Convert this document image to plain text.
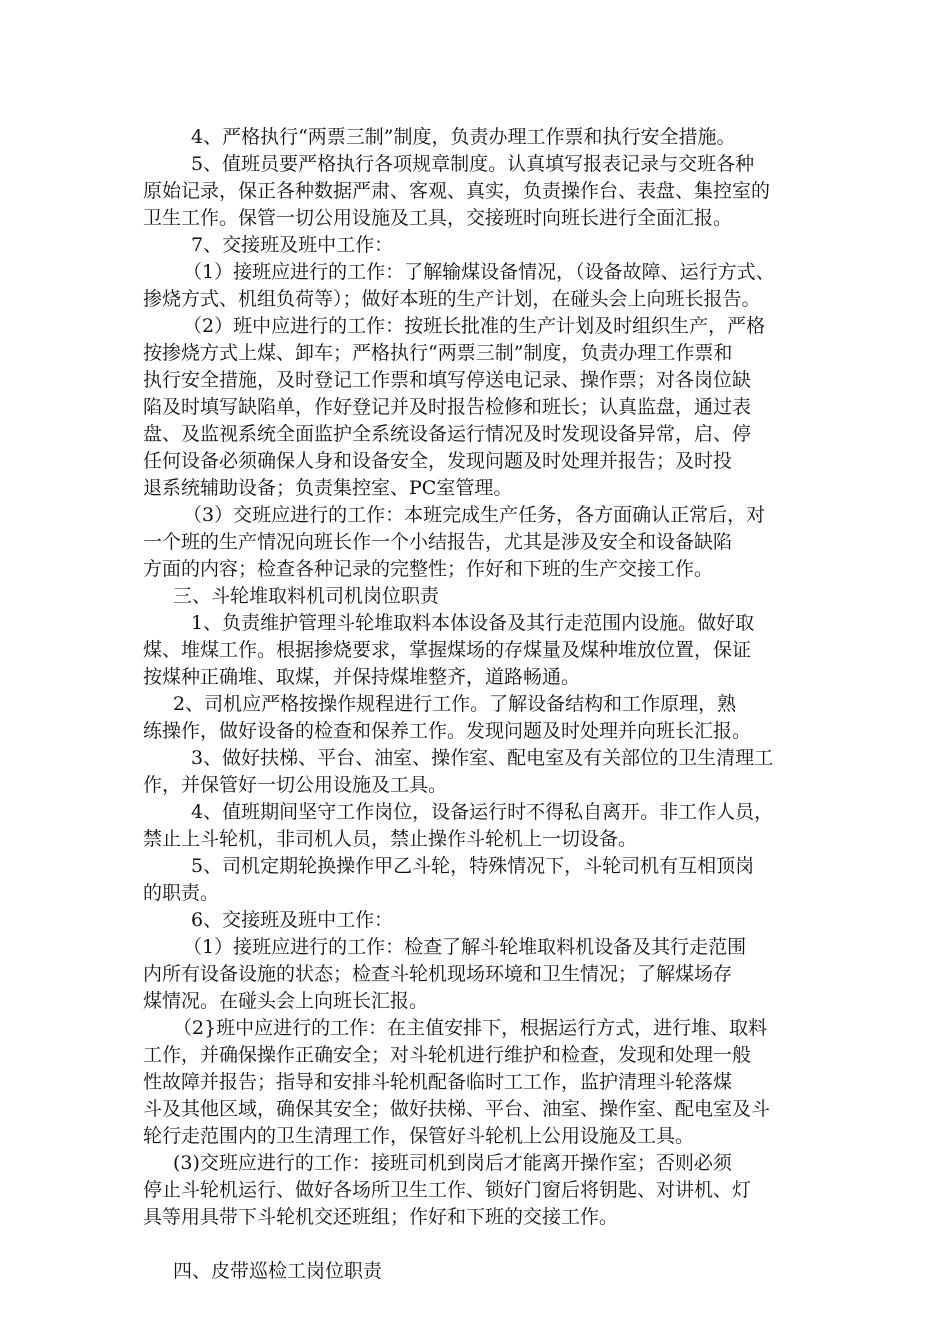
4、严格执行“两票三制”制度，负责办理工作票和执行安全措施。
5、值班员要严格执行各项规章制度。认真填写报表记录与交班各种
原始记录，保正各种数据严肃、客观、真实，负责操作台、表盘、集控室的
卫生工作。保管一切公用设施及工具，交接班时向班长进行全面汇报。
7、交接班及班中工作：
（1）接班应进行的工作：了解输煤设备情况，（设备故障、运行方式、
掺烧方式、机组负荷等）；做好本班的生产计划，在碰头会上向班长报告。
（2）班中应进行的工作：按班长批准的生产计划及时组织生产，严格
按掺烧方式上煤、卸车；严格执行“两票三制”制度，负责办理工作票和
执行安全措施，及时登记工作票和填写停送电记录、操作票；对各岗位缺
陷及时填写缺陷单，作好登记并及时报告检修和班长；认真监盘，通过表
盘、及监视系统全面监护全系统设备运行情况及时发现设备异常，启、停
任何设备必须确保人身和设备安全，发现问题及时处理并报告；及时投
退系统辅助设备；负责集控室、PC室管理。
（3）交班应进行的工作：本班完成生产任务，各方面确认正常后，对
一个班的生产情况向班长作一个小结报告，尤其是涉及安全和设备缺陷
方面的内容；检查各种记录的完整性；作好和下班的生产交接工作。
三、斗轮堆取料机司机岗位职责
1、负责维护管理斗轮堆取料本体设备及其行走范围内设施。做好取
煤、堆煤工作。根据掺烧要求，掌握煤场的存煤量及煤种堆放位置，保证
按煤种正确堆、取煤，并保持煤堆整齐，道路畅通。
2、司机应严格按操作规程进行工作。了解设备结构和工作原理，熟
练操作，做好设备的检查和保养工作。发现问题及时处理并向班长汇报。
3、做好扶梯、平台、油室、操作室、配电室及有关部位的卫生清理工
作，并保管好一切公用设施及工具。
4、值班期间坚守工作岗位，设备运行时不得私自离开。非工作人员，
禁止上斗轮机，非司机人员，禁止操作斗轮机上一切设备。
5、司机定期轮换操作甲乙斗轮，特殊情况下，斗轮司机有互相顶岗
的职责。
6、交接班及班中工作：
（1）接班应进行的工作：检查了解斗轮堆取料机设备及其行走范围
内所有设备设施的状态；检查斗轮机现场环境和卫生情况；了解煤场存
煤情况。在碰头会上向班长汇报。
（2}班中应进行的工作：在主值安排下，根据运行方式，进行堆、取料
工作，并确保操作正确安全；对斗轮机进行维护和检查，发现和处理一般
性故障并报告；指导和安排斗轮机配备临时工工作，监护清理斗轮落煤
斗及其他区域，确保其安全；做好扶梯、平台、油室、操作室、配电室及斗
轮行走范围内的卫生清理工作，保管好斗轮机上公用设施及工具。
(3)交班应进行的工作：接班司机到岗后才能离开操作室；否则必须
停止斗轮机运行、做好各场所卫生工作、锁好门窗后将钥匙、对讲机、灯
具等用具带下斗轮机交还班组；作好和下班的交接工作。
四、皮带巡检工岗位职责
